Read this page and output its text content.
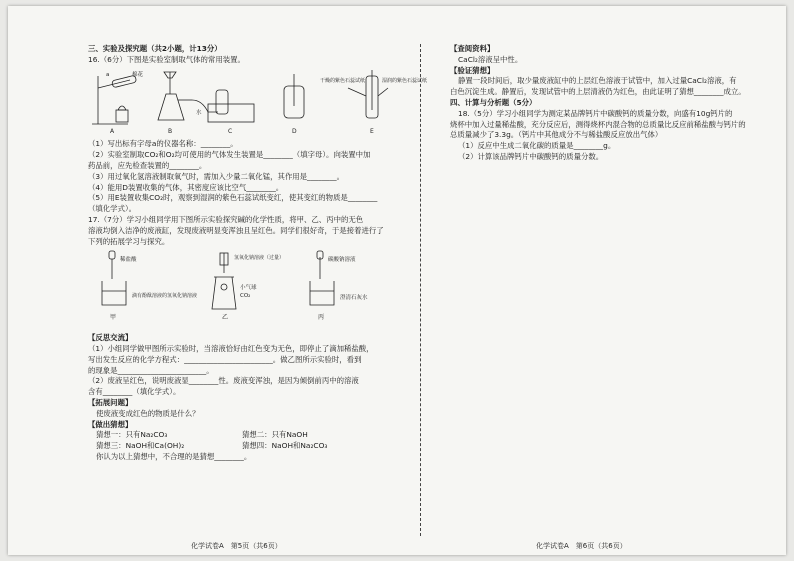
三、实验及探究题（共2小题，计13分）

16.（6分）下图是实验室制取气体的常用装置。

a	棉花
水
干燥的紫色石蕊试纸	湿润的紫色石蕊试纸
A	B	C	D	E

（1）写出标有字母a的仪器名称：________。

（2）实验室制取CO₂和O₂均可使用的气体发生装置是________（填字母）。向装置中加

药品前，应先检查装置的________。

（3）用过氧化氢溶液制取氧气时，需加入少量二氧化锰，其作用是________。

（4）能用D装置收集的气体，其密度应该比空气________。

（5）用E装置收集CO₂时，观察到湿润的紫色石蕊试纸变红，使其变红的物质是________

（填化学式）。

17.（7分）学习小组同学用下图所示实验探究碱的化学性质，将甲、乙、丙中的无色

溶液均倒入洁净的废液缸，发现废液明显变浑浊且呈红色。同学们很好奇，于是接着进行了

下列的拓展学习与探究。

稀盐酸
滴有酚酞溶液的氢氧化钠溶液
氢氧化钠溶液（过量）
小气球
CO₂
碳酸钠溶液
澄清石灰水
甲	乙	丙

【反思交流】

（1）小组同学做甲图所示实验时，当溶液恰好由红色变为无色，即停止了滴加稀盐酸，

写出发生反应的化学方程式：________________________。做乙图所示实验时，看到

的现象是________________________。

（2）废液呈红色，说明废液显________性。废液变浑浊，是因为倾倒前丙中的溶液

含有________（填化学式）。

【拓展问题】

使废液变成红色的物质是什么？

【做出猜想】

猜想一：只有Na₂CO₃	猜想二：只有NaOH
猜想三：NaOH和Ca(OH)₂	猜想四：NaOH和Na₂CO₃

你认为以上猜想中，不合理的是猜想________。

【查阅资料】

CaCl₂溶液呈中性。

【验证猜想】

静置一段时间后，取少量废液缸中的上层红色溶液于试管中，加入过量CaCl₂溶液，有

白色沉淀生成。静置后，发现试管中的上层清液仍为红色，由此证明了猜想________成立。

四、计算与分析题（5分）

18.（5分）学习小组同学为测定某品牌钙片中碳酸钙的质量分数，向盛有10g钙片的

烧杯中加入过量稀盐酸，充分反应后，测得烧杯内混合物的总质量比反应前稀盐酸与钙片的

总质量减少了3.3g。（钙片中其他成分不与稀盐酸反应放出气体）

（1）反应中生成二氧化碳的质量是________g。

（2）计算该品牌钙片中碳酸钙的质量分数。

化学试卷A　第5页（共6页）	化学试卷A　第6页（共6页）
